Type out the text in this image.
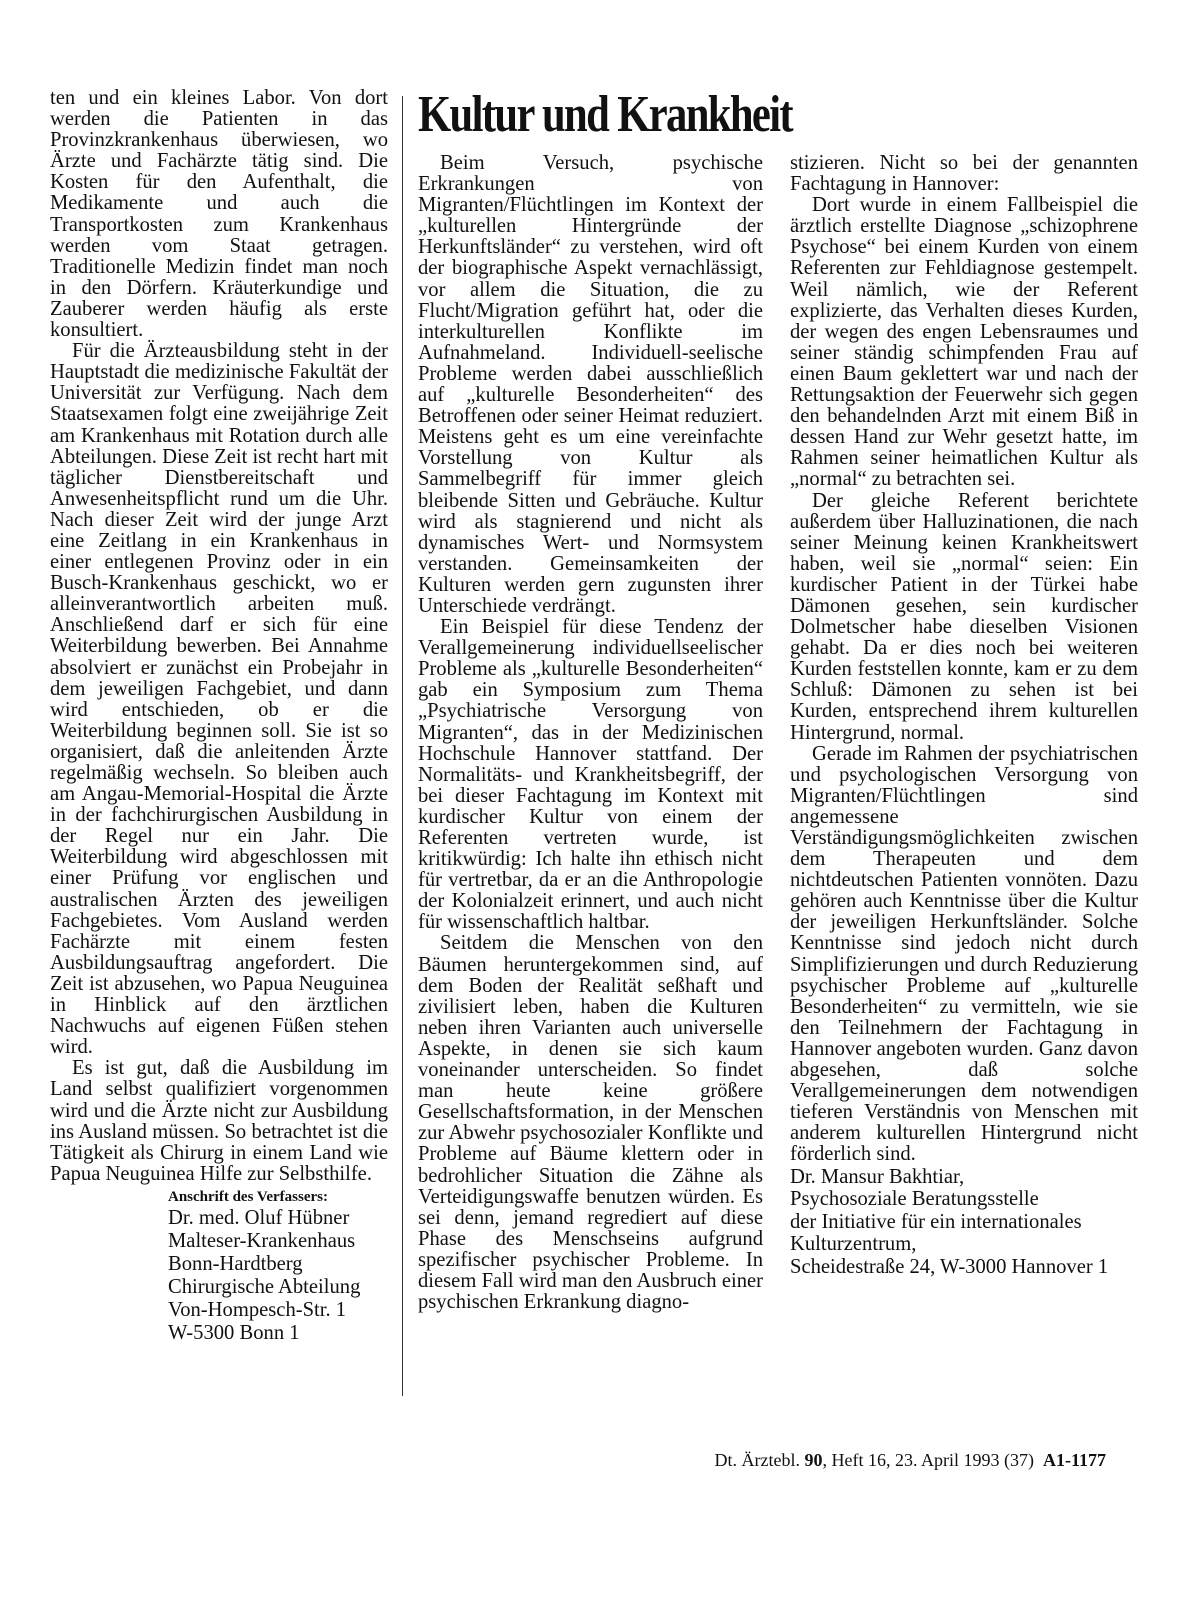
Kultur und Krankheit

ten und ein kleines Labor. Von dort werden die Patienten in das Provinzkrankenhaus überwiesen, wo Ärzte und Fachärzte tätig sind. Die Kosten für den Aufenthalt, die Medikamente und auch die Transportkosten zum Krankenhaus werden vom Staat getragen. Traditionelle Medizin findet man noch in den Dörfern. Kräuterkundige und Zauberer werden häufig als erste konsultiert.

Für die Ärzteausbildung steht in der Hauptstadt die medizinische Fakultät der Universität zur Verfügung. Nach dem Staatsexamen folgt eine zweijährige Zeit am Krankenhaus mit Rotation durch alle Abteilungen. Diese Zeit ist recht hart mit täglicher Dienstbereitschaft und Anwesenheitspflicht rund um die Uhr. Nach dieser Zeit wird der junge Arzt eine Zeitlang in ein Krankenhaus in einer entlegenen Provinz oder in ein Busch-Krankenhaus geschickt, wo er alleinverantwortlich arbeiten muß. Anschließend darf er sich für eine Weiterbildung bewerben. Bei Annahme absolviert er zunächst ein Probejahr in dem jeweiligen Fachgebiet, und dann wird entschieden, ob er die Weiterbildung beginnen soll. Sie ist so organisiert, daß die anleitenden Ärzte regelmäßig wechseln. So bleiben auch am Angau-Memorial-Hospital die Ärzte in der fachchirurgischen Ausbildung in der Regel nur ein Jahr. Die Weiterbildung wird abgeschlossen mit einer Prüfung vor englischen und australischen Ärzten des jeweiligen Fachgebietes. Vom Ausland werden Fachärzte mit einem festen Ausbildungsauftrag angefordert. Die Zeit ist abzusehen, wo Papua Neuguinea in Hinblick auf den ärztlichen Nachwuchs auf eigenen Füßen stehen wird.

Es ist gut, daß die Ausbildung im Land selbst qualifiziert vorgenommen wird und die Ärzte nicht zur Ausbildung ins Ausland müssen. So betrachtet ist die Tätigkeit als Chirurg in einem Land wie Papua Neuguinea Hilfe zur Selbsthilfe.

Anschrift des Verfassers:
Dr. med. Oluf Hübner
Malteser-Krankenhaus
Bonn-Hardtberg
Chirurgische Abteilung
Von-Hompesch-Str. 1
W-5300 Bonn 1

Beim Versuch, psychische Erkrankungen von Migranten/Flüchtlingen im Kontext der „kulturellen Hintergründe der Herkunftsländer“ zu verstehen, wird oft der biographische Aspekt vernachlässigt, vor allem die Situation, die zu Flucht/Migration geführt hat, oder die interkulturellen Konflikte im Aufnahmeland. Individuell-seelische Probleme werden dabei ausschließlich auf „kulturelle Besonderheiten“ des Betroffenen oder seiner Heimat reduziert. Meistens geht es um eine vereinfachte Vorstellung von Kultur als Sammelbegriff für immer gleich bleibende Sitten und Gebräuche. Kultur wird als stagnierend und nicht als dynamisches Wert- und Normsystem verstanden. Gemeinsamkeiten der Kulturen werden gern zugunsten ihrer Unterschiede verdrängt.

Ein Beispiel für diese Tendenz der Verallgemeinerung individuellseelischer Probleme als „kulturelle Besonderheiten“ gab ein Symposium zum Thema „Psychiatrische Versorgung von Migranten“, das in der Medizinischen Hochschule Hannover stattfand. Der Normalitäts- und Krankheitsbegriff, der bei dieser Fachtagung im Kontext mit kurdischer Kultur von einem der Referenten vertreten wurde, ist kritikwürdig: Ich halte ihn ethisch nicht für vertretbar, da er an die Anthropologie der Kolonialzeit erinnert, und auch nicht für wissenschaftlich haltbar.

Seitdem die Menschen von den Bäumen heruntergekommen sind, auf dem Boden der Realität seßhaft und zivilisiert leben, haben die Kulturen neben ihren Varianten auch universelle Aspekte, in denen sie sich kaum voneinander unterscheiden. So findet man heute keine größere Gesellschaftsformation, in der Menschen zur Abwehr psychosozialer Konflikte und Probleme auf Bäume klettern oder in bedrohlicher Situation die Zähne als Verteidigungswaffe benutzen würden. Es sei denn, jemand regrediert auf diese Phase des Menschseins aufgrund spezifischer psychischer Probleme. In diesem Fall wird man den Ausbruch einer psychischen Erkrankung diagno-

stizieren. Nicht so bei der genannten Fachtagung in Hannover:

Dort wurde in einem Fallbeispiel die ärztlich erstellte Diagnose „schizophrene Psychose“ bei einem Kurden von einem Referenten zur Fehldiagnose gestempelt. Weil nämlich, wie der Referent explizierte, das Verhalten dieses Kurden, der wegen des engen Lebensraumes und seiner ständig schimpfenden Frau auf einen Baum geklettert war und nach der Rettungsaktion der Feuerwehr sich gegen den behandelnden Arzt mit einem Biß in dessen Hand zur Wehr gesetzt hatte, im Rahmen seiner heimatlichen Kultur als „normal“ zu betrachten sei.

Der gleiche Referent berichtete außerdem über Halluzinationen, die nach seiner Meinung keinen Krankheitswert haben, weil sie „normal“ seien: Ein kurdischer Patient in der Türkei habe Dämonen gesehen, sein kurdischer Dolmetscher habe dieselben Visionen gehabt. Da er dies noch bei weiteren Kurden feststellen konnte, kam er zu dem Schluß: Dämonen zu sehen ist bei Kurden, entsprechend ihrem kulturellen Hintergrund, normal.

Gerade im Rahmen der psychiatrischen und psychologischen Versorgung von Migranten/Flüchtlingen sind angemessene Verständigungsmöglichkeiten zwischen dem Therapeuten und dem nichtdeutschen Patienten vonnöten. Dazu gehören auch Kenntnisse über die Kultur der jeweiligen Herkunftsländer. Solche Kenntnisse sind jedoch nicht durch Simplifizierungen und durch Reduzierung psychischer Probleme auf „kulturelle Besonderheiten“ zu vermitteln, wie sie den Teilnehmern der Fachtagung in Hannover angeboten wurden. Ganz davon abgesehen, daß solche Verallgemeinerungen dem notwendigen tieferen Verständnis von Menschen mit anderem kulturellen Hintergrund nicht förderlich sind.

Dr. Mansur Bakhtiar,
Psychosoziale Beratungsstelle
der Initiative für ein internationales
Kulturzentrum,
Scheidestraße 24, W-3000 Hannover 1
Dt. Ärztebl. 90, Heft 16, 23. April 1993 (37) A1-1177
